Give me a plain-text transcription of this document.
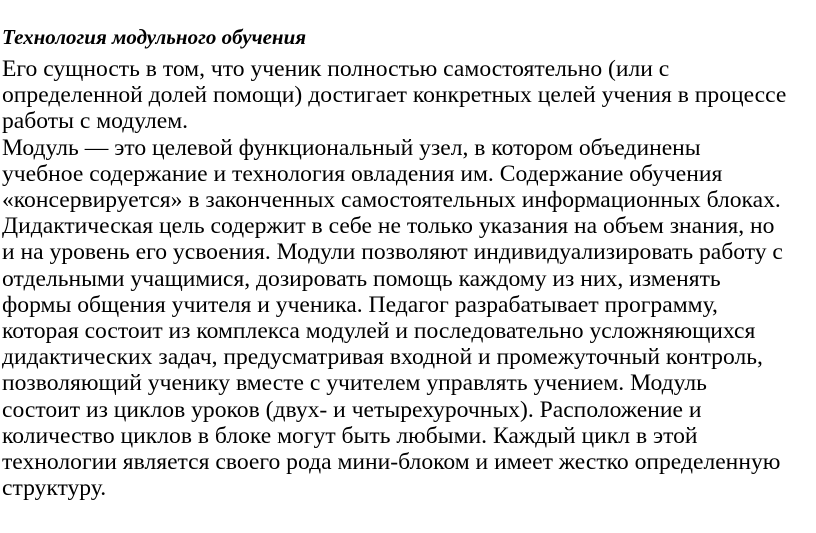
Технология модульного обучения
Его сущность в том, что ученик полностью самостоятельно (или с
определенной долей помощи) достигает конкретных целей учения в процессе
работы с модулем.
Модуль — это целевой функциональный узел, в котором объединены
учебное содержание и технология овладения им. Содержание обучения
«консервируется» в законченных самостоятельных информационных блоках.
Дидактическая цель содержит в себе не только указания на объем знания, но
и на уровень его усвоения. Модули позволяют индивидуализировать работу с
отдельными учащимися, дозировать помощь каждому из них, изменять
формы общения учителя и ученика. Педагог разрабатывает программу,
которая состоит из комплекса модулей и последовательно усложняющихся
дидактических задач, предусматривая входной и промежуточный контроль,
позволяющий ученику вместе с учителем управлять учением. Модуль
состоит из циклов уроков (двух- и четырехурочных). Расположение и
количество циклов в блоке могут быть любыми. Каждый цикл в этой
технологии является своего рода мини-блоком и имеет жестко определенную
структуру.
